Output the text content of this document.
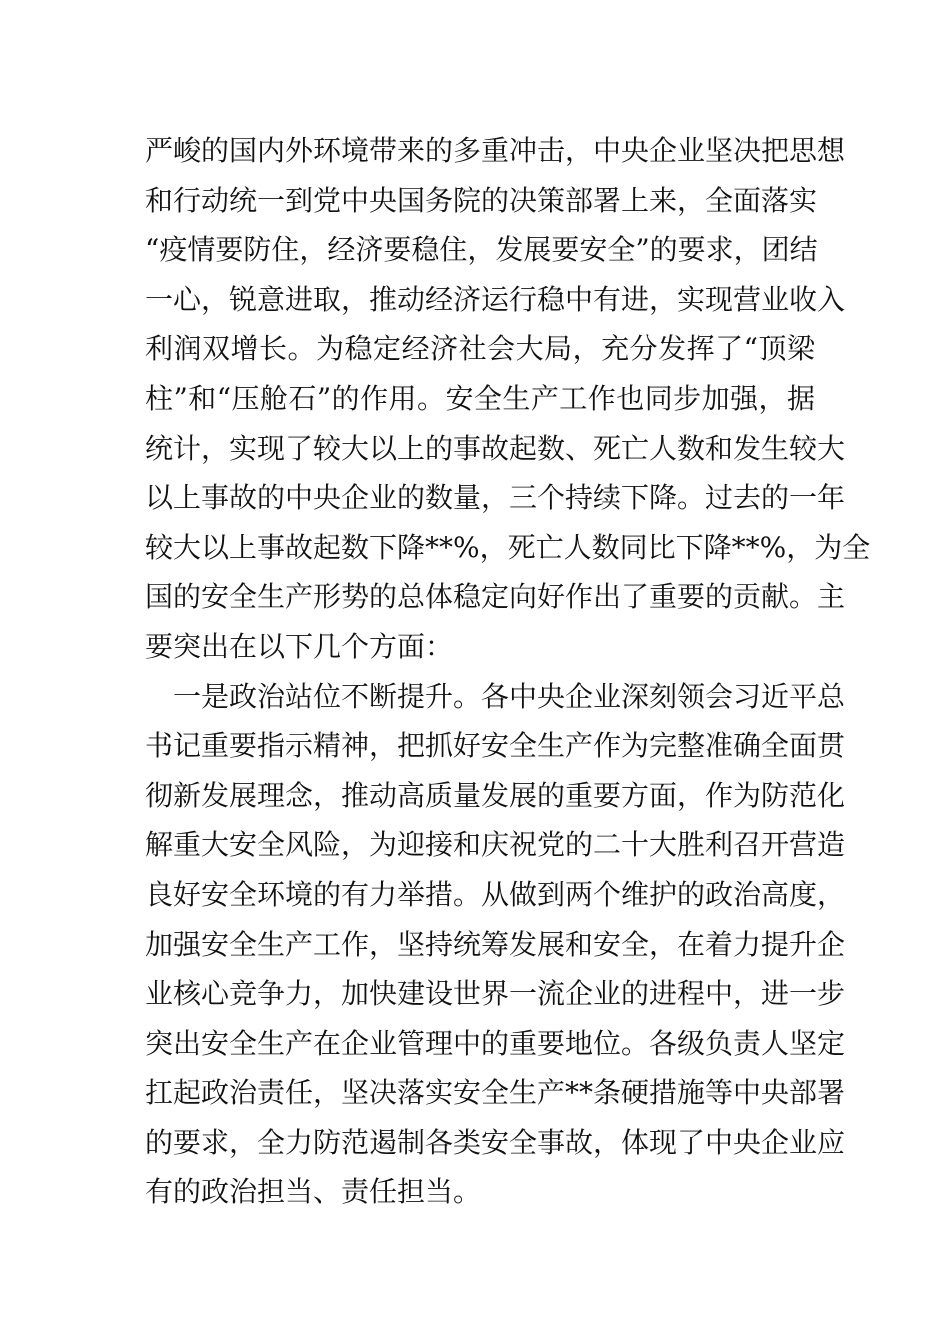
严峻的国内外环境带来的多重冲击，中央企业坚决把思想
和行动统一到党中央国务院的决策部署上来，全面落实
“疫情要防住，经济要稳住，发展要安全”的要求，团结
一心，锐意进取，推动经济运行稳中有进，实现营业收入
利润双增长。为稳定经济社会大局，充分发挥了“顶梁
柱”和“压舱石”的作用。安全生产工作也同步加强，据
统计，实现了较大以上的事故起数、死亡人数和发生较大
以上事故的中央企业的数量，三个持续下降。过去的一年
较大以上事故起数下降**%，死亡人数同比下降**%，为全
国的安全生产形势的总体稳定向好作出了重要的贡献。主
要突出在以下几个方面：
　一是政治站位不断提升。各中央企业深刻领会习近平总
书记重要指示精神，把抓好安全生产作为完整准确全面贯
彻新发展理念，推动高质量发展的重要方面，作为防范化
解重大安全风险，为迎接和庆祝党的二十大胜利召开营造
良好安全环境的有力举措。从做到两个维护的政治高度，
加强安全生产工作，坚持统筹发展和安全，在着力提升企
业核心竞争力，加快建设世界一流企业的进程中，进一步
突出安全生产在企业管理中的重要地位。各级负责人坚定
扛起政治责任，坚决落实安全生产**条硬措施等中央部署
的要求，全力防范遏制各类安全事故，体现了中央企业应
有的政治担当、责任担当。
